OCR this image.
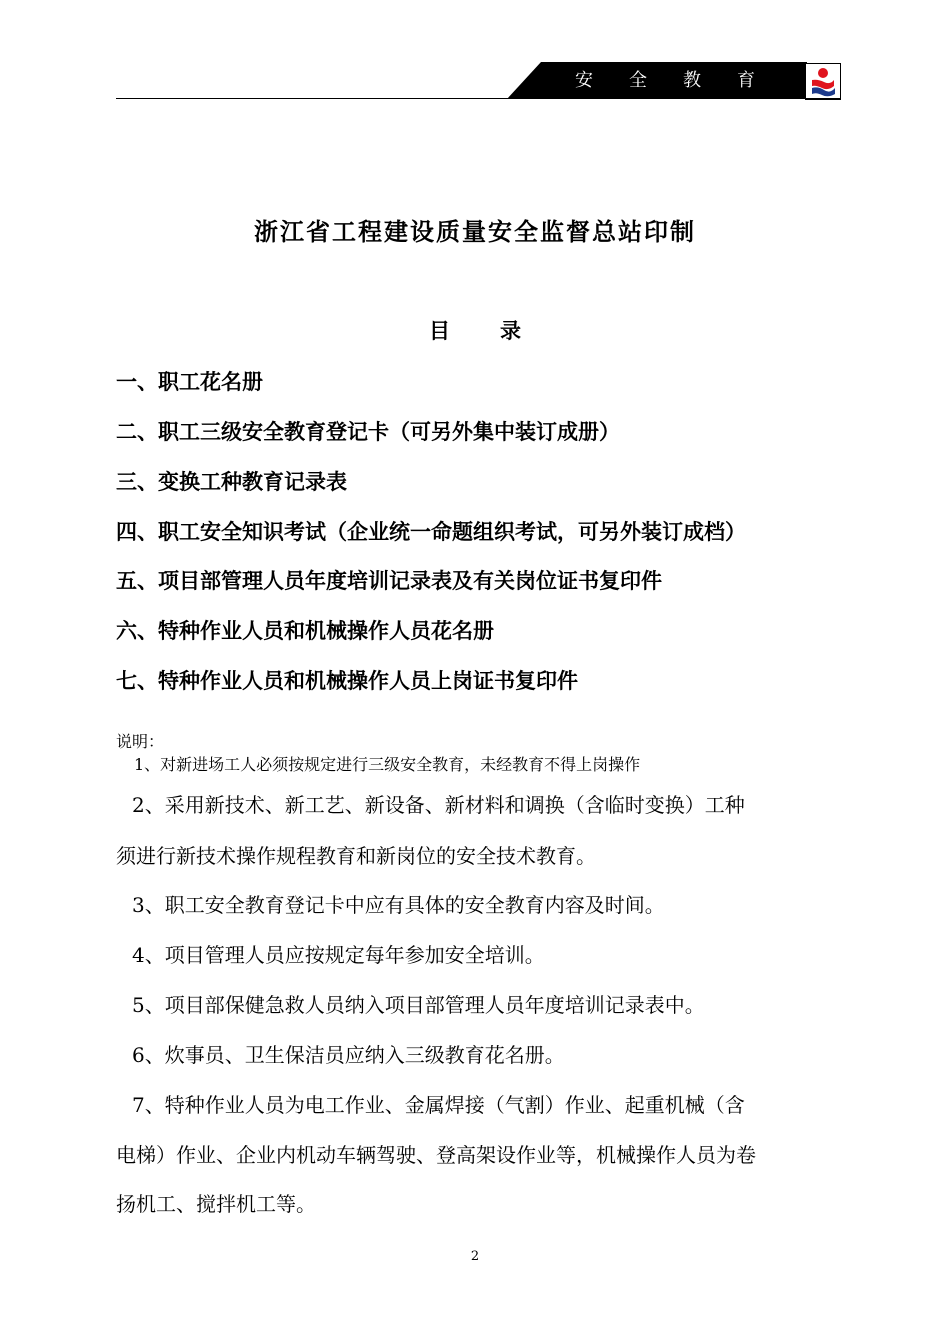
安	全	教	育
浙江省工程建设质量安全监督总站印制
目 录
一、职工花名册
二、职工三级安全教育登记卡（可另外集中装订成册）
三、变换工种教育记录表
四、职工安全知识考试（企业统一命题组织考试，可另外装订成档）
五、项目部管理人员年度培训记录表及有关岗位证书复印件
六、特种作业人员和机械操作人员花名册
七、特种作业人员和机械操作人员上岗证书复印件
说明：
1、对新进场工人必须按规定进行三级安全教育，未经教育不得上岗操作
2、采用新技术、新工艺、新设备、新材料和调换（含临时变换）工种
须进行新技术操作规程教育和新岗位的安全技术教育。
3、职工安全教育登记卡中应有具体的安全教育内容及时间。
4、项目管理人员应按规定每年参加安全培训。
5、项目部保健急救人员纳入项目部管理人员年度培训记录表中。
6、炊事员、卫生保洁员应纳入三级教育花名册。
7、特种作业人员为电工作业、金属焊接（气割）作业、起重机械（含
电梯）作业、企业内机动车辆驾驶、登高架设作业等，机械操作人员为卷
扬机工、搅拌机工等。
2
